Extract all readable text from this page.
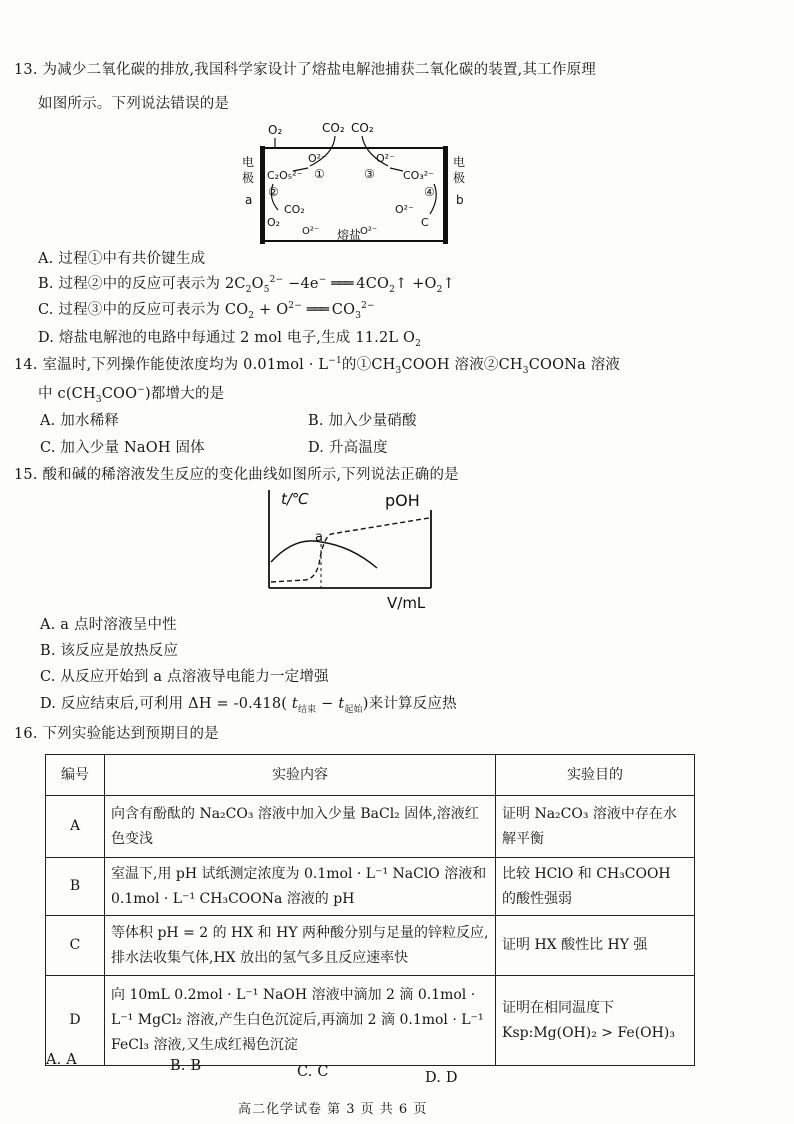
13. 为减少二氧化碳的排放,我国科学家设计了熔盐电解池捕获二氧化碳的装置,其工作原理
如图所示。下列说法错误的是
O₂	CO₂ CO₂
电
极
a
电
极
b
O²⁻	O²⁻
C₂O₅²⁻	CO₃²⁻
①
②
③
④
CO₂
O₂
O²⁻	O²⁻
O²⁻
C
熔盐
A. 过程①中有共价键生成
B. 过程②中的反应可表示为 $2C_2O_5^{2-} -4e^-$ ═══ $4CO_2↑$ $+O_2↑$
C. 过程③中的反应可表示为 $CO_2 + O^{2-}$ ═══ $CO_3^{2-}$
D. 熔盐电解池的电路中每通过 2 mol 电子,生成 11.2L $O_2$
14. 室温时,下列操作能使浓度均为 $0.01mol \cdot L^{-1}$的$①CH_3COOH$ 溶液$②CH_3COONa$ 溶液
中 $c(CH_3COO^-)$都增大的是
A. 加水稀释	B. 加入少量硝酸
C. 加入少量 NaOH 固体	D. 升高温度
15. 酸和碱的稀溶液发生反应的变化曲线如图所示,下列说法正确的是
t/℃	pOH
V/mL
a
A. a 点时溶液呈中性
B. 该反应是放热反应
C. 从反应开始到 a 点溶液导电能力一定增强
D. 反应结束后,可利用 ΔH = -0.418( $t_{结束} - t_{起始}$)来计算反应热
16. 下列实验能达到预期目的是
编号	实验内容	实验目的
A	向含有酚酞的 Na₂CO₃ 溶液中加入少量 BaCl₂ 固体,溶液红色变浅	证明 Na₂CO₃ 溶液中存在水解平衡
B	室温下,用 pH 试纸测定浓度为 0.1mol · L⁻¹ NaClO 溶液和 0.1mol · L⁻¹ CH₃COONa 溶液的 pH	比较 HClO 和 CH₃COOH 的酸性强弱
C	等体积 pH = 2 的 HX 和 HY 两种酸分别与足量的锌粒反应,排水法收集气体,HX 放出的氢气多且反应速率快	证明 HX 酸性比 HY 强
D	向 10mL 0.2mol · L⁻¹ NaOH 溶液中滴加 2 滴 0.1mol · L⁻¹ MgCl₂ 溶液,产生白色沉淀后,再滴加 2 滴 0.1mol · L⁻¹ FeCl₃ 溶液,又生成红褐色沉淀	证明在相同温度下 Ksp:Mg(OH)₂ > Fe(OH)₃
A. A	B. B	C. C	D. D
高二化学试卷 第 3 页 共 6 页
